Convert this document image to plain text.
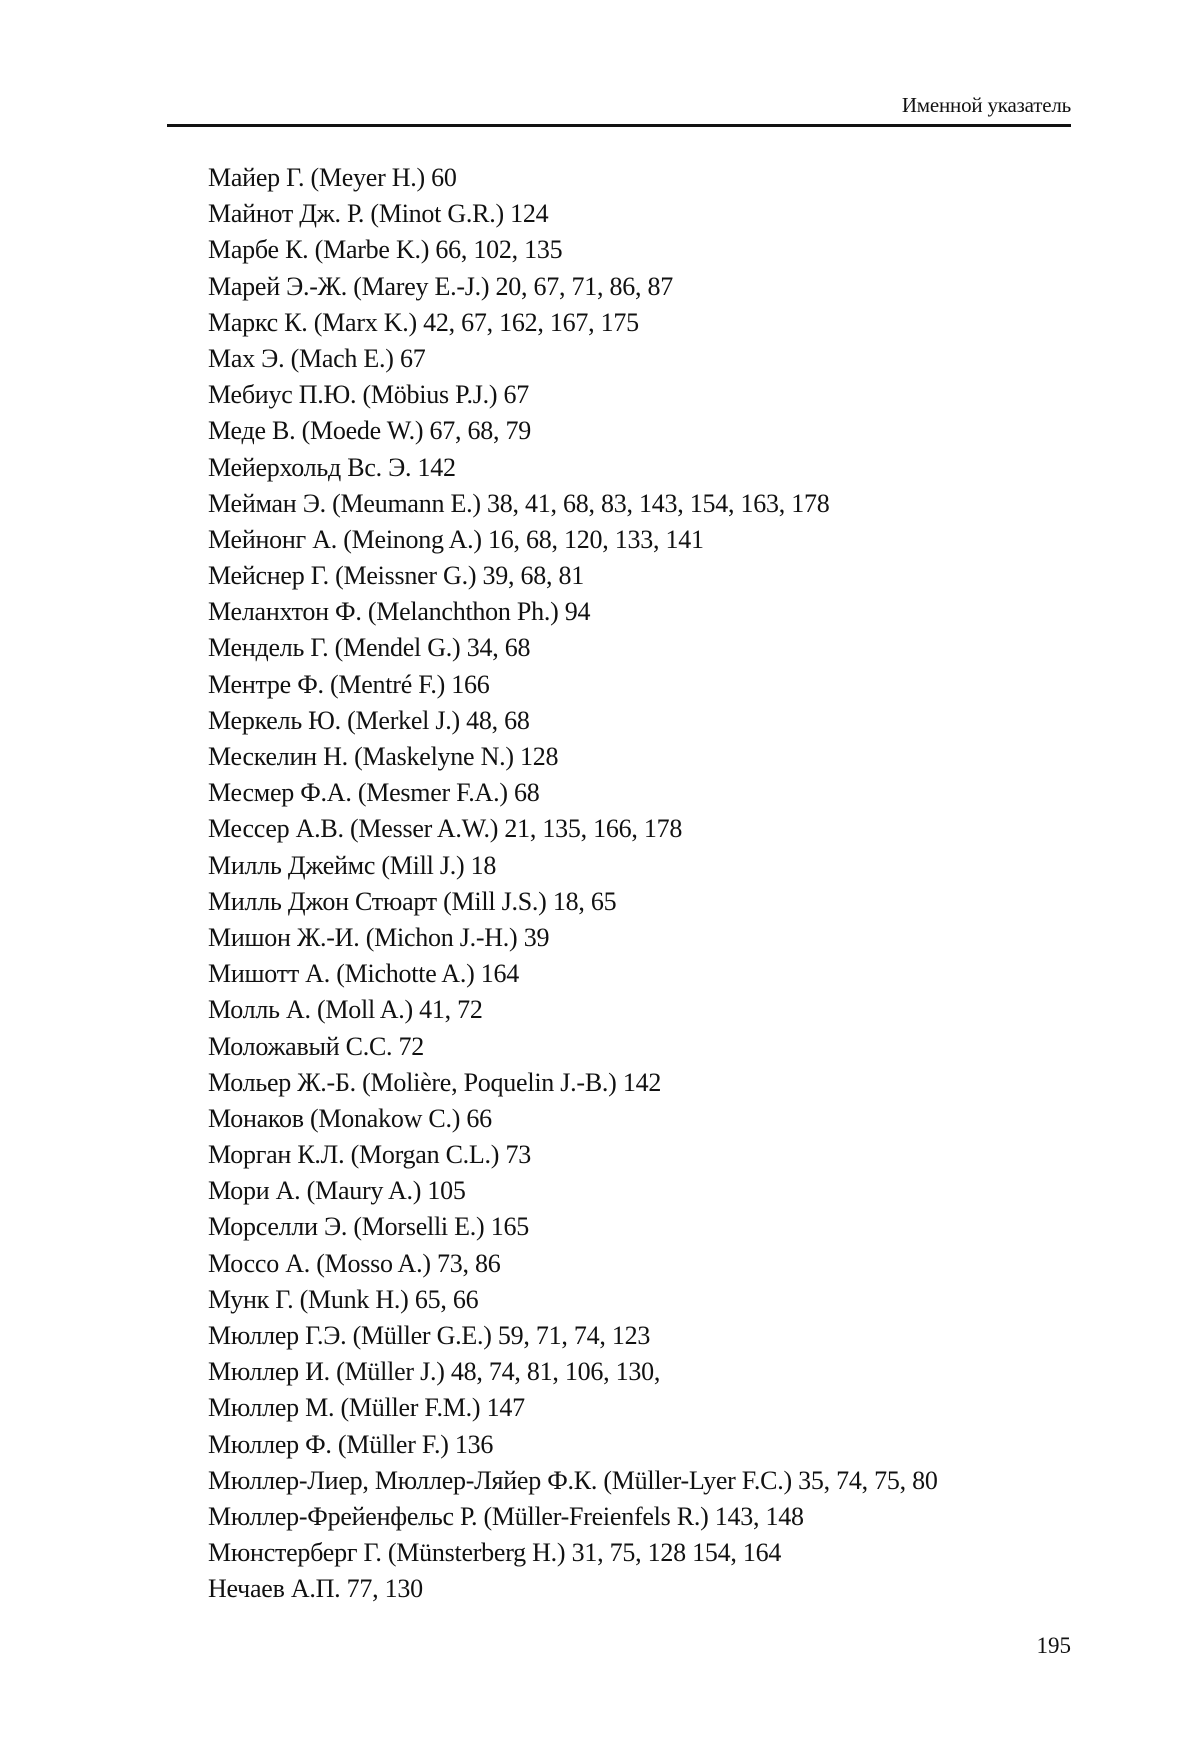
Именной указатель
Майер Г. (Meyer H.) 60
Майнот Дж. Р. (Minot G.R.) 124
Марбе К. (Marbe K.) 66, 102, 135
Марей Э.-Ж. (Marey E.-J.) 20, 67, 71, 86, 87
Маркс К. (Marx K.) 42, 67, 162, 167, 175
Мах Э. (Mach E.) 67
Мебиус П.Ю. (Möbius P.J.) 67
Меде В. (Moede W.) 67, 68, 79
Мейерхольд Вс. Э. 142
Мейман Э. (Meumann E.) 38, 41, 68, 83, 143, 154, 163, 178
Мейнонг А. (Meinong A.) 16, 68, 120, 133, 141
Мейснер Г. (Meissner G.) 39, 68, 81
Меланхтон Ф. (Melanchthon Ph.) 94
Мендель Г. (Mendel G.) 34, 68
Ментре Ф. (Mentré F.) 166
Меркель Ю. (Merkel J.) 48, 68
Мескелин Н. (Maskelyne N.) 128
Месмер Ф.А. (Mesmer F.A.) 68
Мессер А.В. (Messer A.W.) 21, 135, 166, 178
Милль Джеймс (Mill J.) 18
Милль Джон Стюарт (Mill J.S.) 18, 65
Мишон Ж.-И. (Michon J.-H.) 39
Мишотт А. (Michotte A.) 164
Молль А. (Moll A.) 41, 72
Моложавый С.С. 72
Мольер Ж.-Б. (Molière, Poquelin J.-B.) 142
Монаков (Monakow C.) 66
Морган К.Л. (Morgan C.L.) 73
Мори А. (Maury A.) 105
Морселли Э. (Morselli E.) 165
Моссо А. (Mosso A.) 73, 86
Мунк Г. (Munk H.) 65, 66
Мюллер Г.Э. (Müller G.E.) 59, 71, 74, 123
Мюллер И. (Müller J.) 48, 74, 81, 106, 130,
Мюллер М. (Müller F.M.) 147
Мюллер Ф. (Müller F.) 136
Мюллер-Лиер, Мюллер-Ляйер Ф.К. (Müller-Lyer F.C.) 35, 74, 75, 80
Мюллер-Фрейенфельс Р. (Müller-Freienfels R.) 143, 148
Мюнстерберг Г. (Münsterberg H.) 31, 75, 128 154, 164
Нечаев А.П. 77, 130
195
